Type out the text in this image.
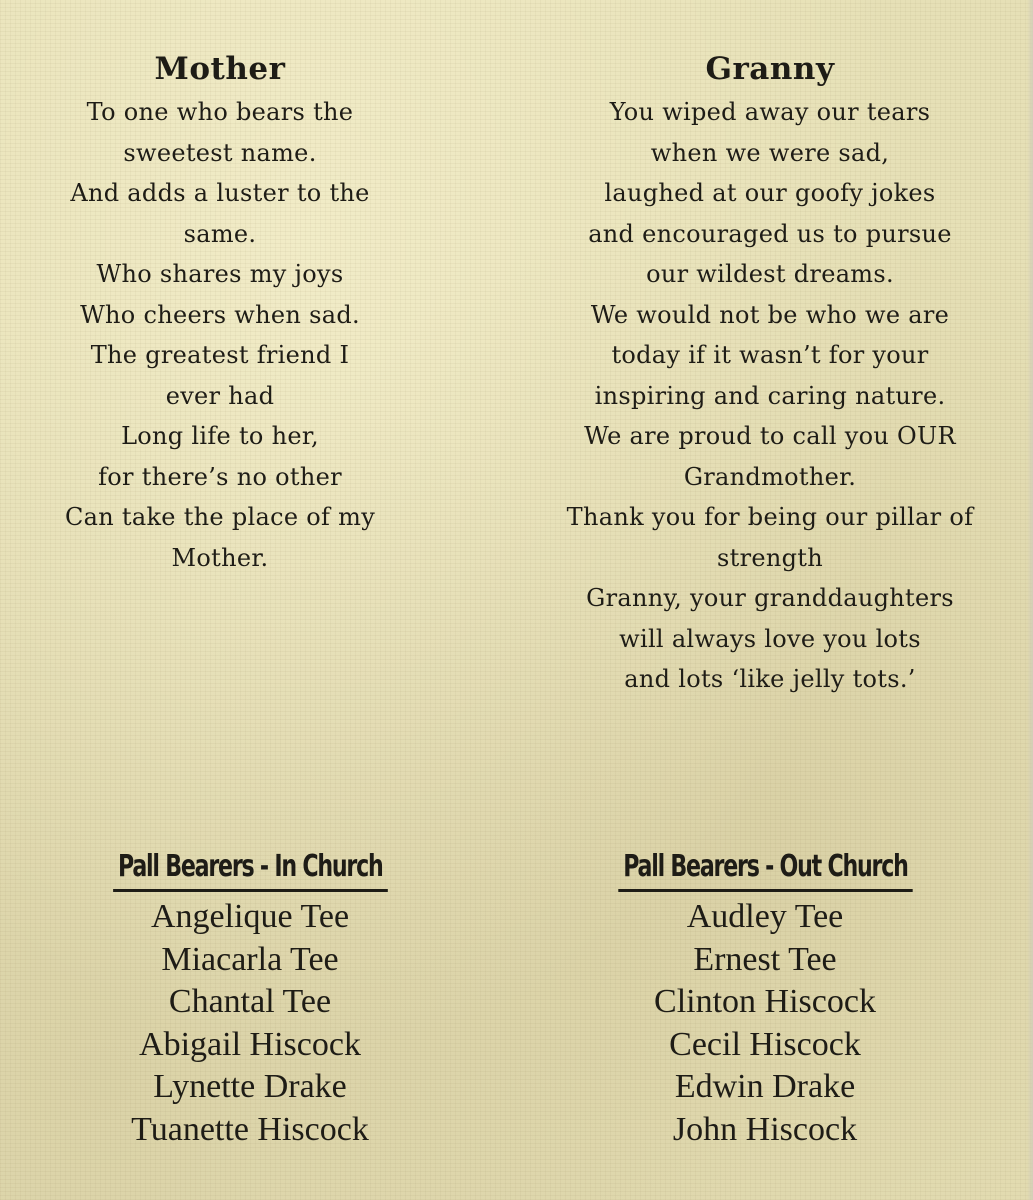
Mother
To one who bears the
sweetest name.
And adds a luster to the
same.
Who shares my joys
Who cheers when sad.
The greatest friend I
ever had
Long life to her,
for there’s no other
Can take the place of my
Mother.
Granny
You wiped away our tears
when we were sad,
laughed at our goofy jokes
and encouraged us to pursue
our wildest dreams.
We would not be who we are
today if it wasn’t for your
inspiring and caring nature.
We are proud to call you OUR
Grandmother.
Thank you for being our pillar of
strength
Granny, your granddaughters
will always love you lots
and lots ‘like jelly tots.’
Pall Bearers - In Church
Angelique Tee
Miacarla Tee
Chantal Tee
Abigail Hiscock
Lynette Drake
Tuanette Hiscock
Pall Bearers - Out Church
Audley Tee
Ernest Tee
Clinton Hiscock
Cecil Hiscock
Edwin Drake
John Hiscock
